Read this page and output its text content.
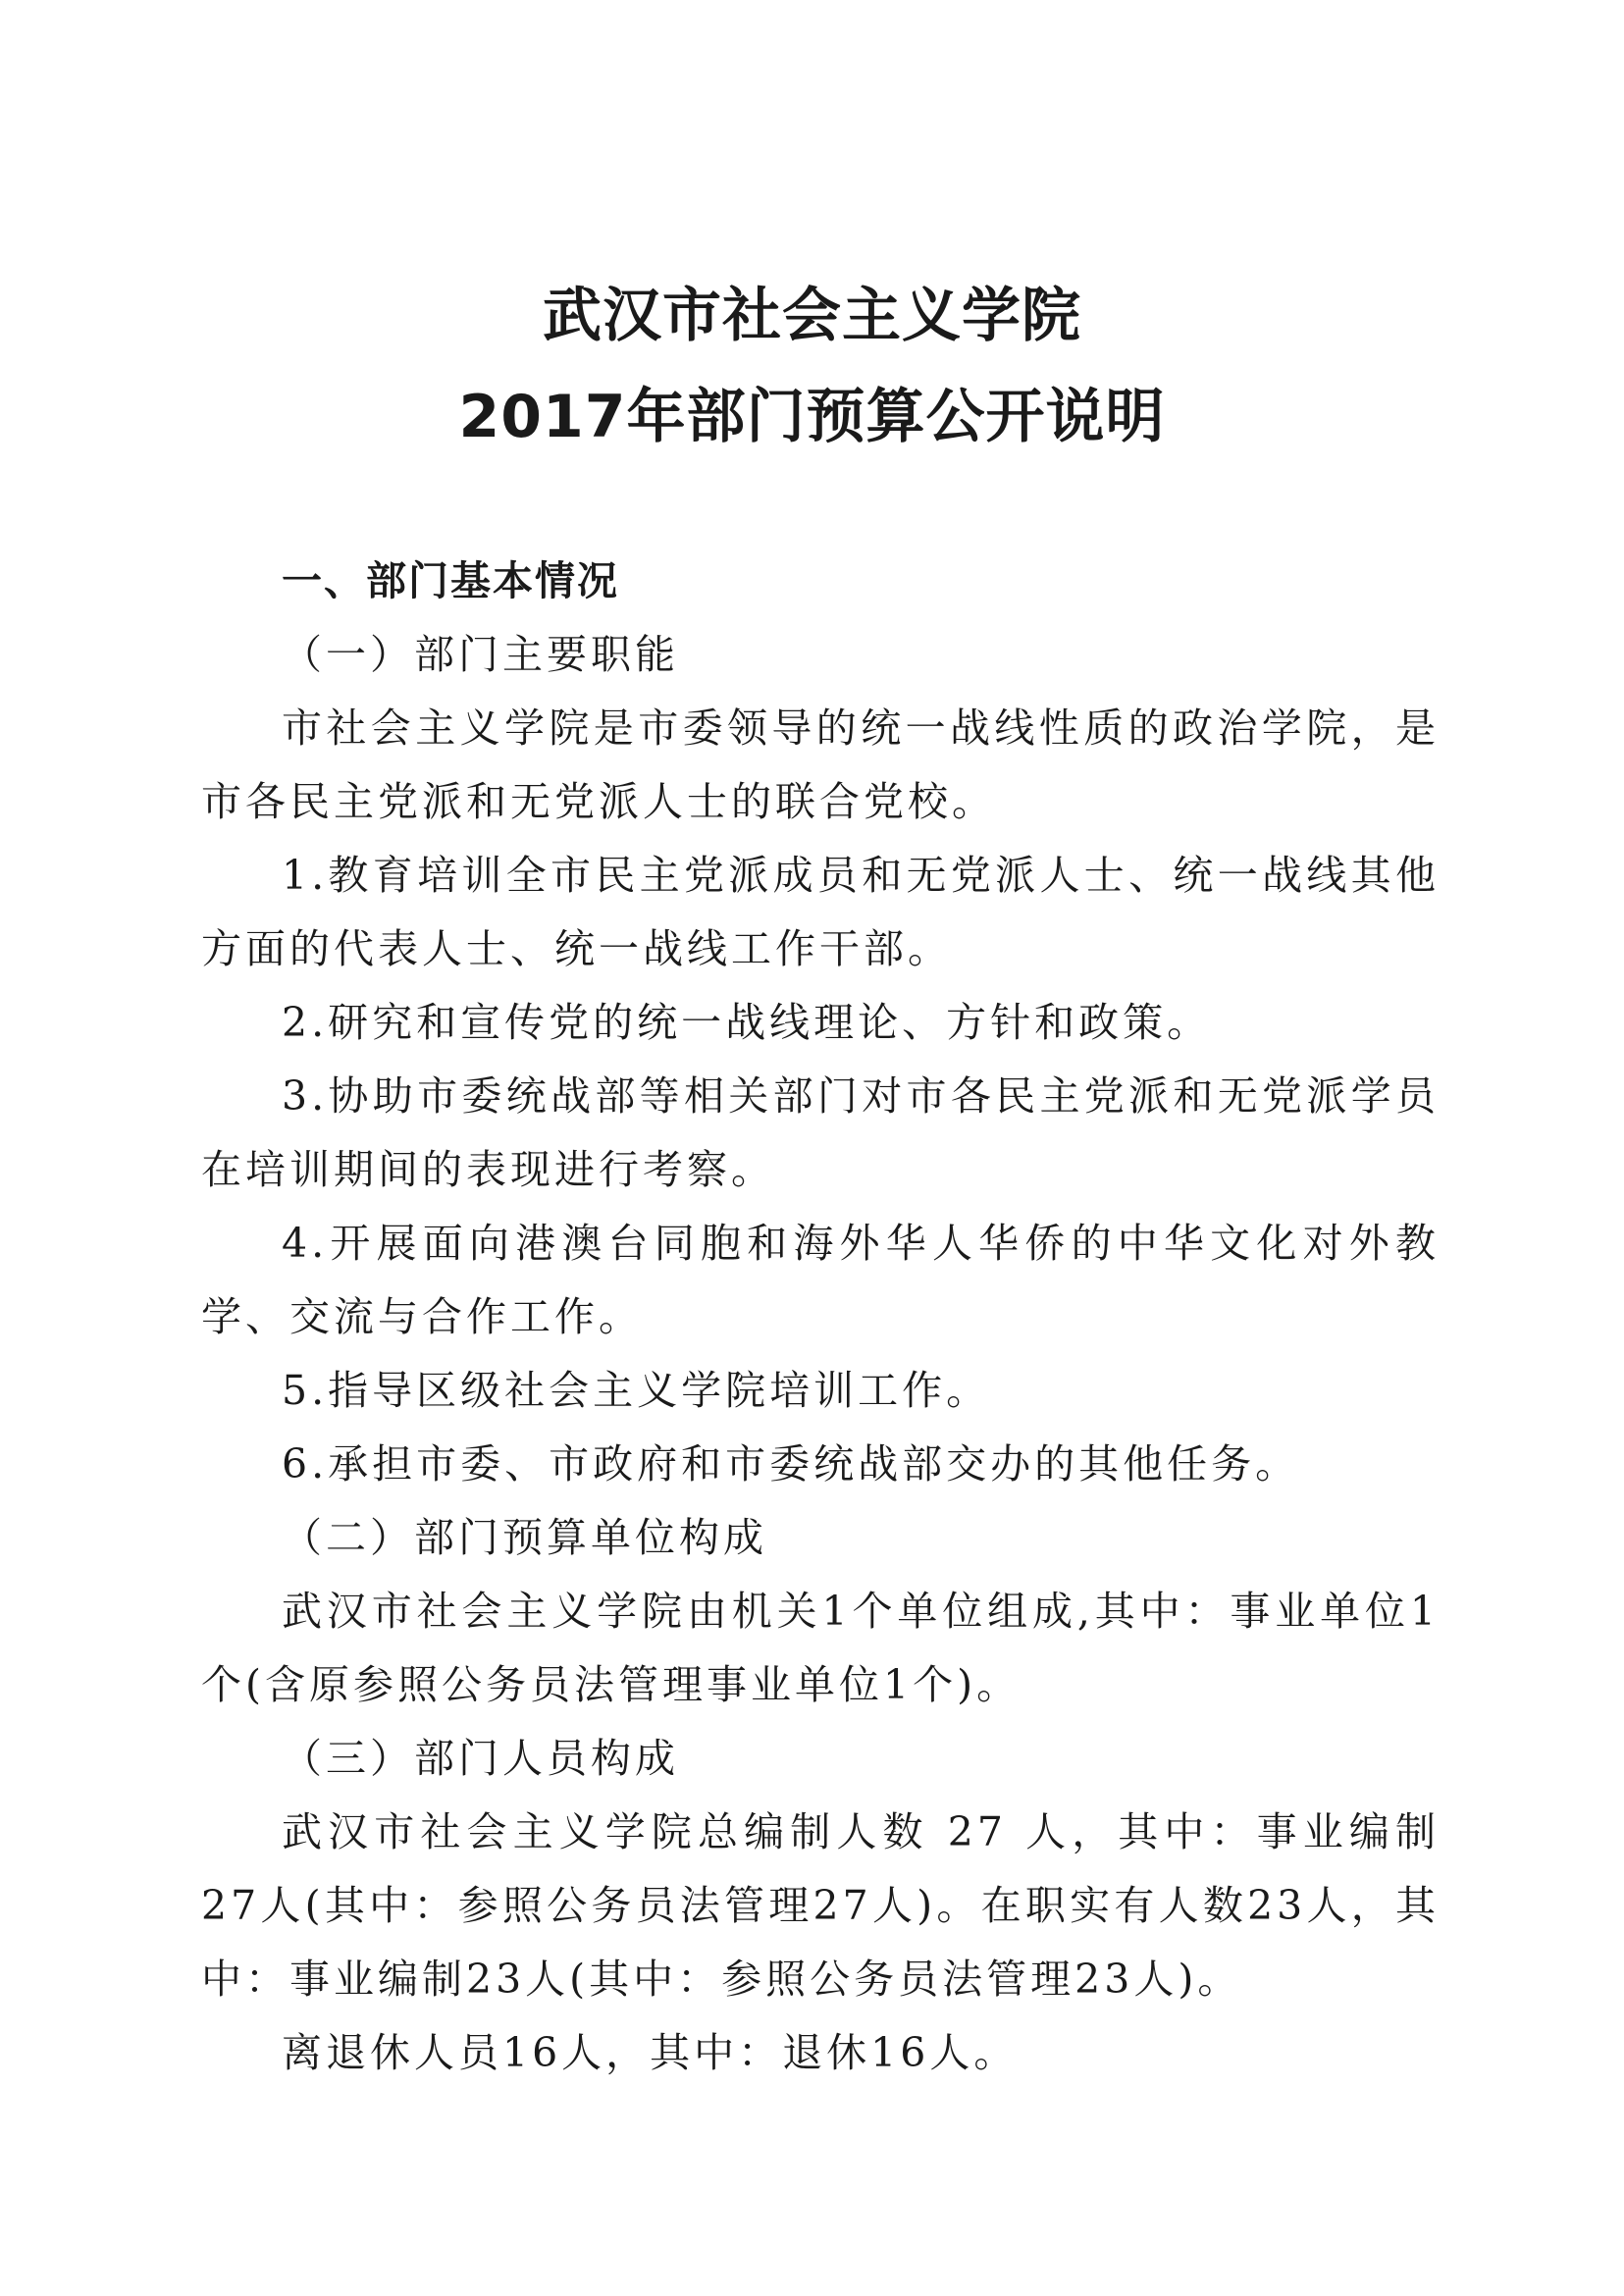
武汉市社会主义学院
2017年部门预算公开说明

一、部门基本情况

（一）部门主要职能

市社会主义学院是市委领导的统一战线性质的政治学院，是市各民主党派和无党派人士的联合党校。

1.教育培训全市民主党派成员和无党派人士、统一战线其他方面的代表人士、统一战线工作干部。

2.研究和宣传党的统一战线理论、方针和政策。

3.协助市委统战部等相关部门对市各民主党派和无党派学员在培训期间的表现进行考察。

4.开展面向港澳台同胞和海外华人华侨的中华文化对外教学、交流与合作工作。

5.指导区级社会主义学院培训工作。

6.承担市委、市政府和市委统战部交办的其他任务。

（二）部门预算单位构成

武汉市社会主义学院由机关1个单位组成,其中：事业单位1个(含原参照公务员法管理事业单位1个)。

（三）部门人员构成

武汉市社会主义学院总编制人数 27 人，其中：事业编制 27人(其中：参照公务员法管理27人)。在职实有人数23人，其中：事业编制23人(其中：参照公务员法管理23人)。

离退休人员16人，其中：退休16人。
